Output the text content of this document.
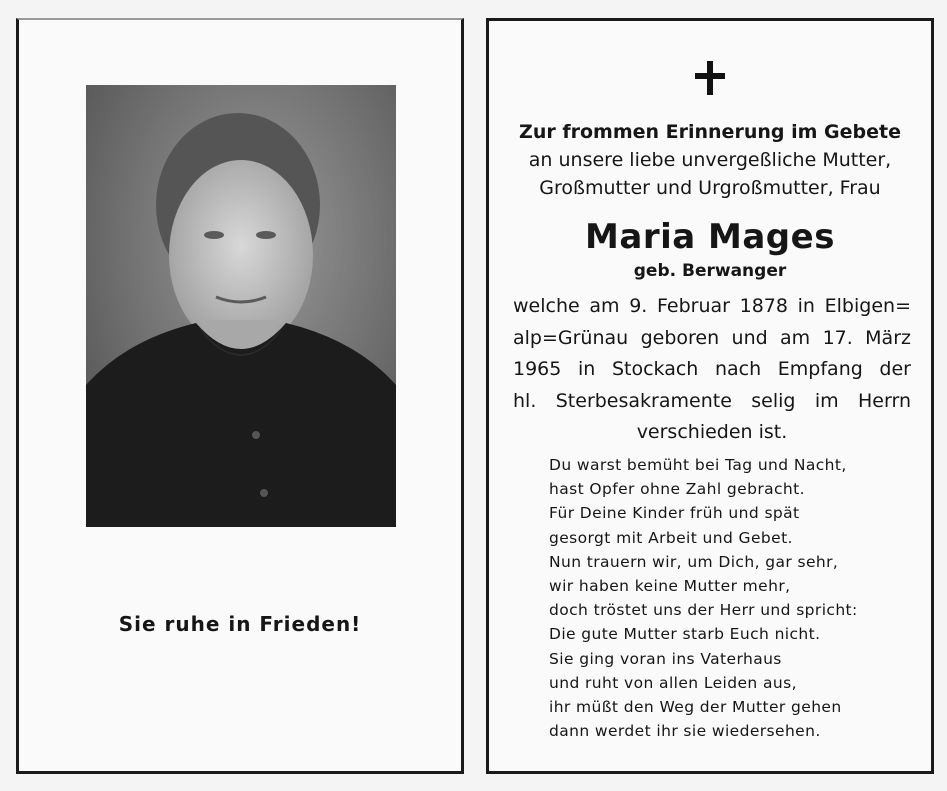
Sie ruhe in Frieden!
Zur frommen Erinnerung im Gebete
an unsere liebe unvergeßliche Mutter,
Großmutter und Urgroßmutter, Frau
Maria Mages
geb. Berwanger
welche am 9. Februar 1878 in Elbigen=
alp=Grünau geboren und am 17. März
1965 in Stockach nach Empfang der
hl. Sterbesakramente selig im Herrn
verschieden ist.
Du warst bemüht bei Tag und Nacht,
hast Opfer ohne Zahl gebracht.
Für Deine Kinder früh und spät
gesorgt mit Arbeit und Gebet.
Nun trauern wir, um Dich, gar sehr,
wir haben keine Mutter mehr,
doch tröstet uns der Herr und spricht:
Die gute Mutter starb Euch nicht.
Sie ging voran ins Vaterhaus
und ruht von allen Leiden aus,
ihr müßt den Weg der Mutter gehen
dann werdet ihr sie wiedersehen.
